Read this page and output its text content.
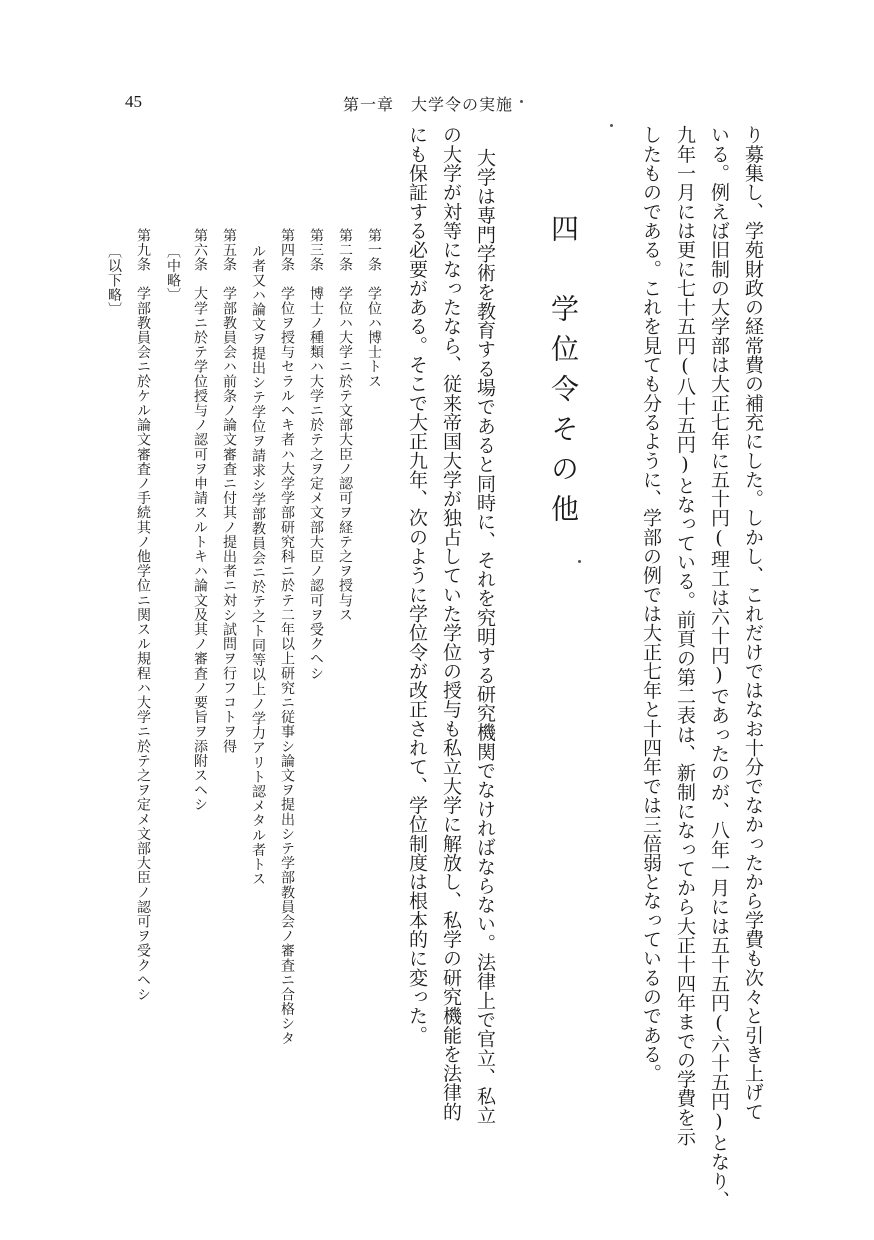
45	第一章　大学令の実施
り募集し、学苑財政の経常費の補充にした。しかし、これだけではなお十分でなかったから学費も次々と引き上げて
いる。例えば旧制の大学部は大正七年に五十円(理工は六十円)であったのが、八年一月には五十五円(六十五円)となり、
九年一月には更に七十五円(八十五円)となっている。前頁の第二表は、新制になってから大正十四年までの学費を示
したものである。これを見ても分るように、学部の例では大正七年と十四年では三倍弱となっているのである。
四　学位令その他
大学は専門学術を教育する場であると同時に、それを究明する研究機関でなければならない。法律上で官立、私立
の大学が対等になったなら、従来帝国大学が独占していた学位の授与も私立大学に解放し、私学の研究機能を法律的
にも保証する必要がある。そこで大正九年、次のように学位令が改正されて、学位制度は根本的に変った。
第一条　学位ハ博士トス
第二条　学位ハ大学ニ於テ文部大臣ノ認可ヲ経テ之ヲ授与ス
第三条　博士ノ種類ハ大学ニ於テ之ヲ定メ文部大臣ノ認可ヲ受クヘシ
第四条　学位ヲ授与セラルヘキ者ハ大学学部研究科ニ於テ二年以上研究ニ従事シ論文ヲ提出シテ学部教員会ノ審査ニ合格シタ
ル者又ハ論文ヲ提出シテ学位ヲ請求シ学部教員会ニ於テ之ト同等以上ノ学力アリト認メタル者トス
第五条　学部教員会ハ前条ノ論文審査ニ付其ノ提出者ニ対シ試問ヲ行フコトヲ得
第六条　大学ニ於テ学位授与ノ認可ヲ申請スルトキハ論文及其ノ審査ノ要旨ヲ添附スヘシ
〔中略〕
第九条　学部教員会ニ於ケル論文審査ノ手続其ノ他学位ニ関スル規程ハ大学ニ於テ之ヲ定メ文部大臣ノ認可ヲ受クヘシ
〔以下略〕
